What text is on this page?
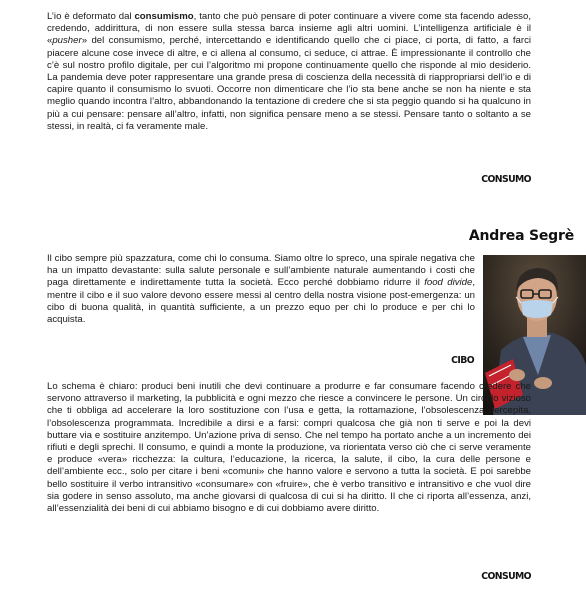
L’io è deformato dal consumismo, tanto che può pensare di poter continuare a vivere come sta facendo adesso, credendo, addirittura, di non essere sulla stessa barca insieme agli altri uomini. L’intelligenza artificiale è il «pusher» del consumismo, perché, intercettando e identificando quello che ci piace, ci porta, di fatto, a farci piacere alcune cose invece di altre, e ci allena al consumo, ci seduce, ci attrae. È impressionante il controllo che c’è sul nostro profilo digitale, per cui l’algoritmo mi propone continuamente quello che risponde al mio desiderio. La pandemia deve poter rappresentare una grande presa di coscienza della necessità di riappropriarsi dell’io e di capire quanto il consumismo lo svuoti. Occorre non dimenticare che l’io sta bene anche se non ha niente e sta meglio quando incontra l’altro, abbandonando la tentazione di credere che si sta peggio quando si ha qualcuno in più a cui pensare: pensare all’altro, infatti, non significa pensare meno a se stessi. Pensare tanto o soltanto a se stessi, in realtà, ci fa veramente male.

CONSUMO
Andrea Segrè

Il cibo sempre più spazzatura, come chi lo consuma. Siamo oltre lo spreco, una spirale negativa che ha un impatto devastante: sulla salute personale e sull’ambiente naturale aumentando i costi che paga direttamente e indirettamente tutta la società. Ecco perché dobbiamo ridurre il food divide, mentre il cibo e il suo valore devono essere messi al centro della nostra visione post-emergenza: un cibo di buona qualità, in quantità sufficiente, a un prezzo equo per chi lo produce e per chi lo acquista.

CIBO

Lo schema è chiaro: produci beni inutili che devi continuare a produrre e far consumare facendo credere che servono attraverso il marketing, la pubblicità e ogni mezzo che riesce a convincere le persone. Un circolo vizioso che ti obbliga ad accelerare la loro sostituzione con l’usa e getta, la rottamazione, l’obsolescenza percepita, l’obsolescenza programmata. Incredibile a dirsi e a farsi: compri qualcosa che già non ti serve e poi la devi buttare via e sostituire anzitempo. Un’azione priva di senso. Che nel tempo ha portato anche a un incremento dei rifiuti e degli sprechi. Il consumo, e quindi a monte la produzione, va riorientata verso ciò che ci serve veramente e produce «vera» ricchezza: la cultura, l’educazione, la ricerca, la salute, il cibo, la cura delle persone e dell’ambiente ecc., solo per citare i beni «comuni» che hanno valore e servono a tutta la società. E poi sarebbe bello sostituire il verbo intransitivo «consumare» con «fruire», che è verbo transitivo e intransitivo e che vuol dire sia godere in senso assoluto, ma anche giovarsi di qualcosa di cui si ha diritto. Il che ci riporta all’essenza, anzi, all’essenzialità dei beni di cui abbiamo bisogno e di cui dobbiamo avere diritto.

CONSUMO
